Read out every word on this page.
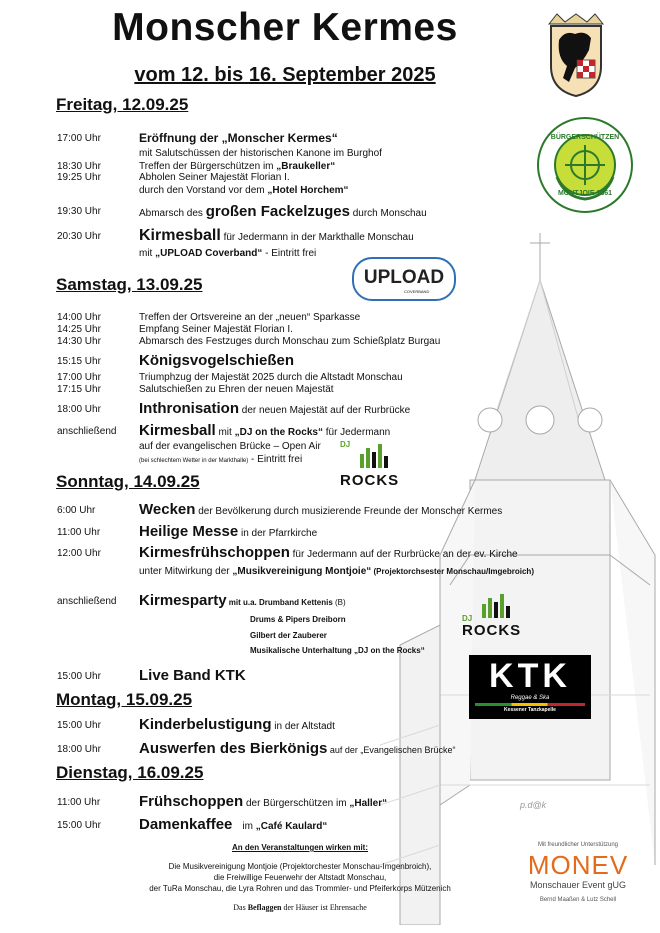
Monscher Kermes
vom 12. bis 16. September 2025
BÜRGERSCHÜTZEN
MONTJOIE 1361
Freitag, 12.09.25
17:00 Uhr	Eröffnung der „Monscher Kermes“
mit Salutschüssen der historischen Kanone im Burghof
18:30 Uhr	Treffen der Bürgerschützen im „Braukeller“
19:25 Uhr	Abholen Seiner Majestät Florian I.
durch den Vorstand vor dem „Hotel Horchem“
19:30 Uhr	Abmarsch des großen Fackelzuges durch Monschau
20:30 Uhr Kirmesball für Jedermann in der Markthalle Monschau
mit „UPLOAD Coverband“ - Eintritt frei
UPLOAD
COVERBAND
Samstag, 13.09.25
14:00 Uhr	Treffen der Ortsvereine an der „neuen“ Sparkasse
14:25 Uhr	Empfang Seiner Majestät Florian I.
14:30 Uhr	Abmarsch des Festzuges durch Monschau zum Schießplatz Burgau
15:15 Uhr	Königsvogelschießen
17:00 Uhr	Triumphzug der Majestät 2025 durch die Altstadt Monschau
17:15 Uhr	Salutschießen zu Ehren der neuen Majestät
18:00 Uhr	Inthronisation der neuen Majestät auf der Rurbrücke
anschließend Kirmesball mit „DJ on the Rocks“ für Jedermann
auf der evangelischen Brücke – Open Air
(bei schlechtem Wetter in der Markthalle) - Eintritt frei
DJ
ROCKS
Sonntag, 14.09.25
6:00 Uhr	Wecken der Bevölkerung durch musizierende Freunde der Monscher Kermes
11:00 Uhr	Heilige Messe in der Pfarrkirche
12:00 Uhr	Kirmesfrühschoppen für Jedermann auf der Rurbrücke an der ev. Kirche
unter Mitwirkung der „Musikvereinigung Montjoie“ (Projektorchsester Monschau/Imgebroich)
anschließend Kirmesparty mit u.a. Drumband Kettenis (B)
Drums & Pipers Dreiborn
Gilbert der Zauberer
Musikalische Unterhaltung „DJ on the Rocks“
DJ
ROCKS
15:00 Uhr	Live Band KTK	KTK
Reggae & Ska
Kessener Tanzkapelle
Montag, 15.09.25
15:00 Uhr	Kinderbelustigung in der Altstadt
18:00 Uhr	Auswerfen des Bierkönigs auf der „Evangelischen Brücke“
Dienstag, 16.09.25
11:00 Uhr	Frühschoppen der Bürgerschützen im „Haller“
15:00 Uhr	Damenkaffee im „Café Kaulard“
p.d@k
Mit freundlicher Unterstützung
MONEV
Monschauer Event gUG
Bernd Maaßen & Lutz Schell
An den Veranstaltungen wirken mit:
Die Musikvereinigung Montjoie (Projektorchester Monschau-Imgenbroich),
die Freiwillige Feuerwehr der Altstadt Monschau,
der TuRa Monschau, die Lyra Rohren und das Trommler- und Pfeiferkorps Mützenich
Das Beflaggen der Häuser ist Ehrensache
